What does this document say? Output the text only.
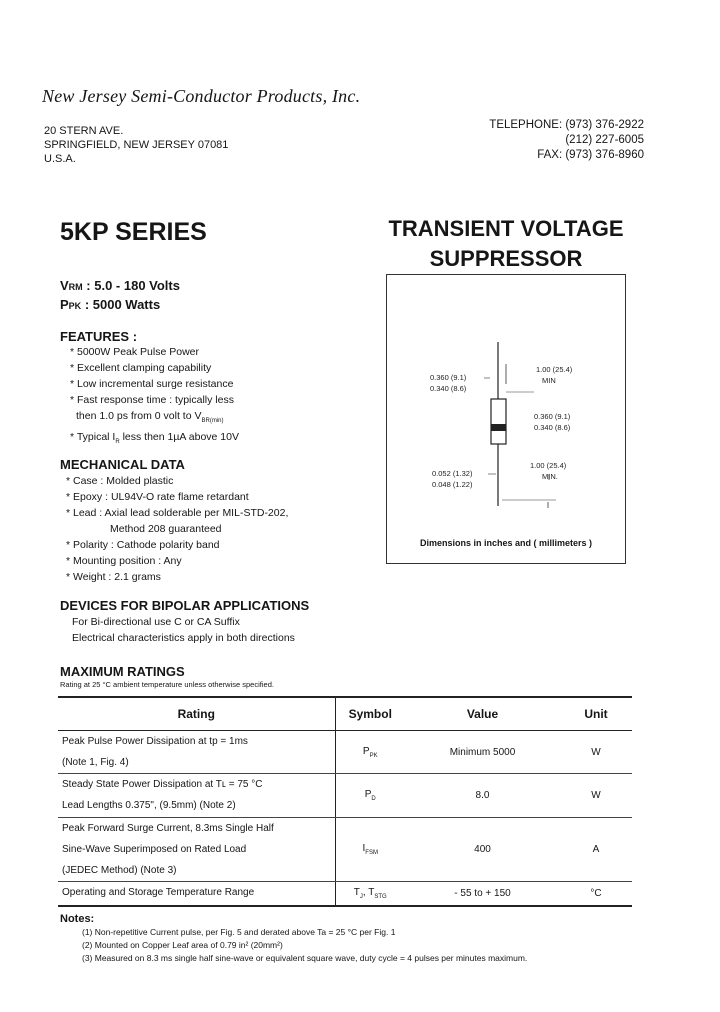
New Jersey Semi-Conductor Products, Inc.
20 STERN AVE.
SPRINGFIELD, NEW JERSEY 07081
U.S.A.
TELEPHONE: (973) 376-2922
(212) 227-6005
FAX: (973) 376-8960
5KP SERIES	TRANSIENT VOLTAGE
SUPPRESSOR
VRM : 5.0 - 180 Volts
PPK : 5000 Watts
FEATURES :
* 5000W Peak Pulse Power
* Excellent clamping capability
* Low incremental surge resistance
* Fast response time : typically less
then 1.0 ps from 0 volt to $V_{BR(min)}$
* Typical $I_R$ less then 1µA above 10V
MECHANICAL DATA
* Case : Molded plastic
* Epoxy : UL94V-O rate flame retardant
* Lead : Axial lead solderable per MIL-STD-202,
Method 208 guaranteed
* Polarity : Cathode polarity band
* Mounting position : Any
* Weight : 2.1 grams
DEVICES FOR BIPOLAR APPLICATIONS
For Bi-directional use C or CA Suffix
Electrical characteristics apply in both directions
1.00 (25.4)
MIN
0.360 (9.1)
0.340 (8.6)
0.360 (9.1)
0.340 (8.6)
0.052 (1.32)
0.048 (1.22)
1.00 (25.4)
MIN.
Dimensions in inches and ( millimeters )
MAXIMUM RATINGS
Rating at 25 °C ambient temperature unless otherwise specified.
Rating	Symbol	Value	Unit

Peak Pulse Power Dissipation at tp = 1ms
(Note 1, Fig. 4)	$P_{PK}$	Minimum 5000	W

Steady State Power Dissipation at Tʟ = 75 °C
Lead Lengths 0.375", (9.5mm) (Note 2)	$P_D$	8.0	W

Peak Forward Surge Current, 8.3ms Single Half
Sine-Wave Superimposed on Rated Load
(JEDEC Method) (Note 3)	$I_{FSM}$	400	A

Operating and Storage Temperature Range	$T_J$, $T_{STG}$	- 55 to + 150	°C
Notes:
(1) Non-repetitive Current pulse, per Fig. 5 and derated above Ta = 25 °C per Fig. 1
(2) Mounted on Copper Leaf area of 0.79 in² (20mm²)
(3) Measured on 8.3 ms single half sine-wave or equivalent square wave, duty cycle = 4 pulses per minutes maximum.
